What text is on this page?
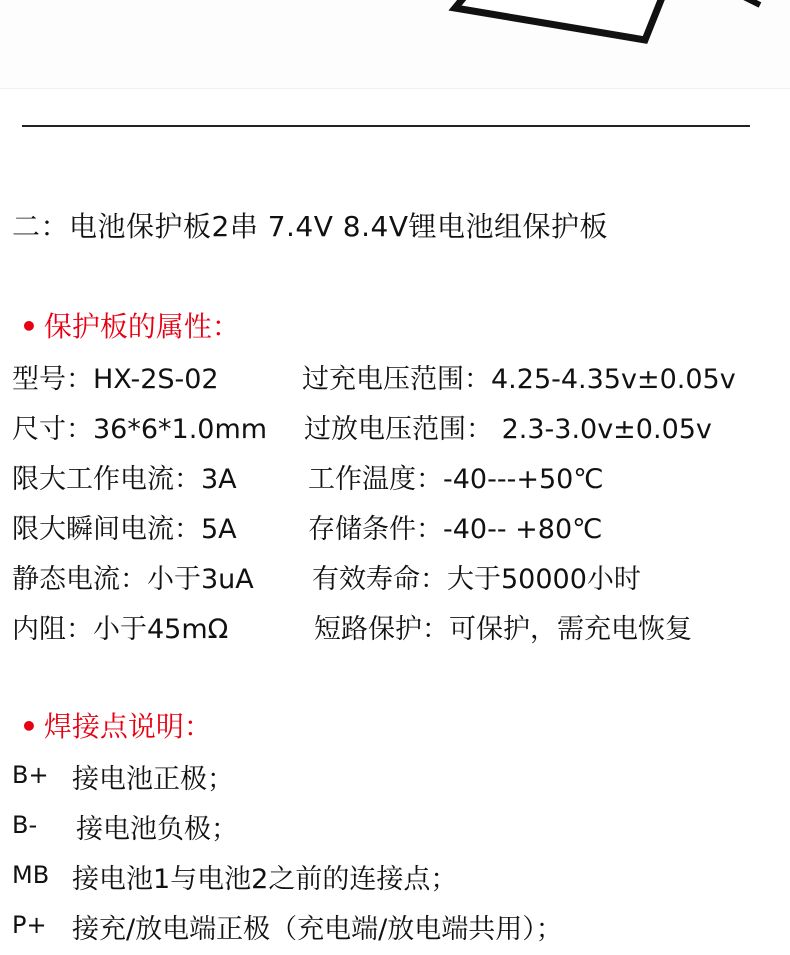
二：电池保护板2串 7.4V 8.4V锂电池组保护板
• 保护板的属性：
型号：HX-2S-02	过充电压范围：4.25-4.35v±0.05v
尺寸：36*6*1.0mm 过放电压范围： 2.3-3.0v±0.05v
限大工作电流：3A	工作温度：-40---+50℃
限大瞬间电流：5A	存储条件：-40-- +80℃
静态电流：小于3uA 有效寿命：大于50000小时
内阻：小于45mΩ	短路保护：可保护，需充电恢复
• 焊接点说明：
B+ 接电池正极；
B- 接电池负极；
MB 接电池1与电池2之前的连接点；
P+ 接充/放电端正极（充电端/放电端共用）；
